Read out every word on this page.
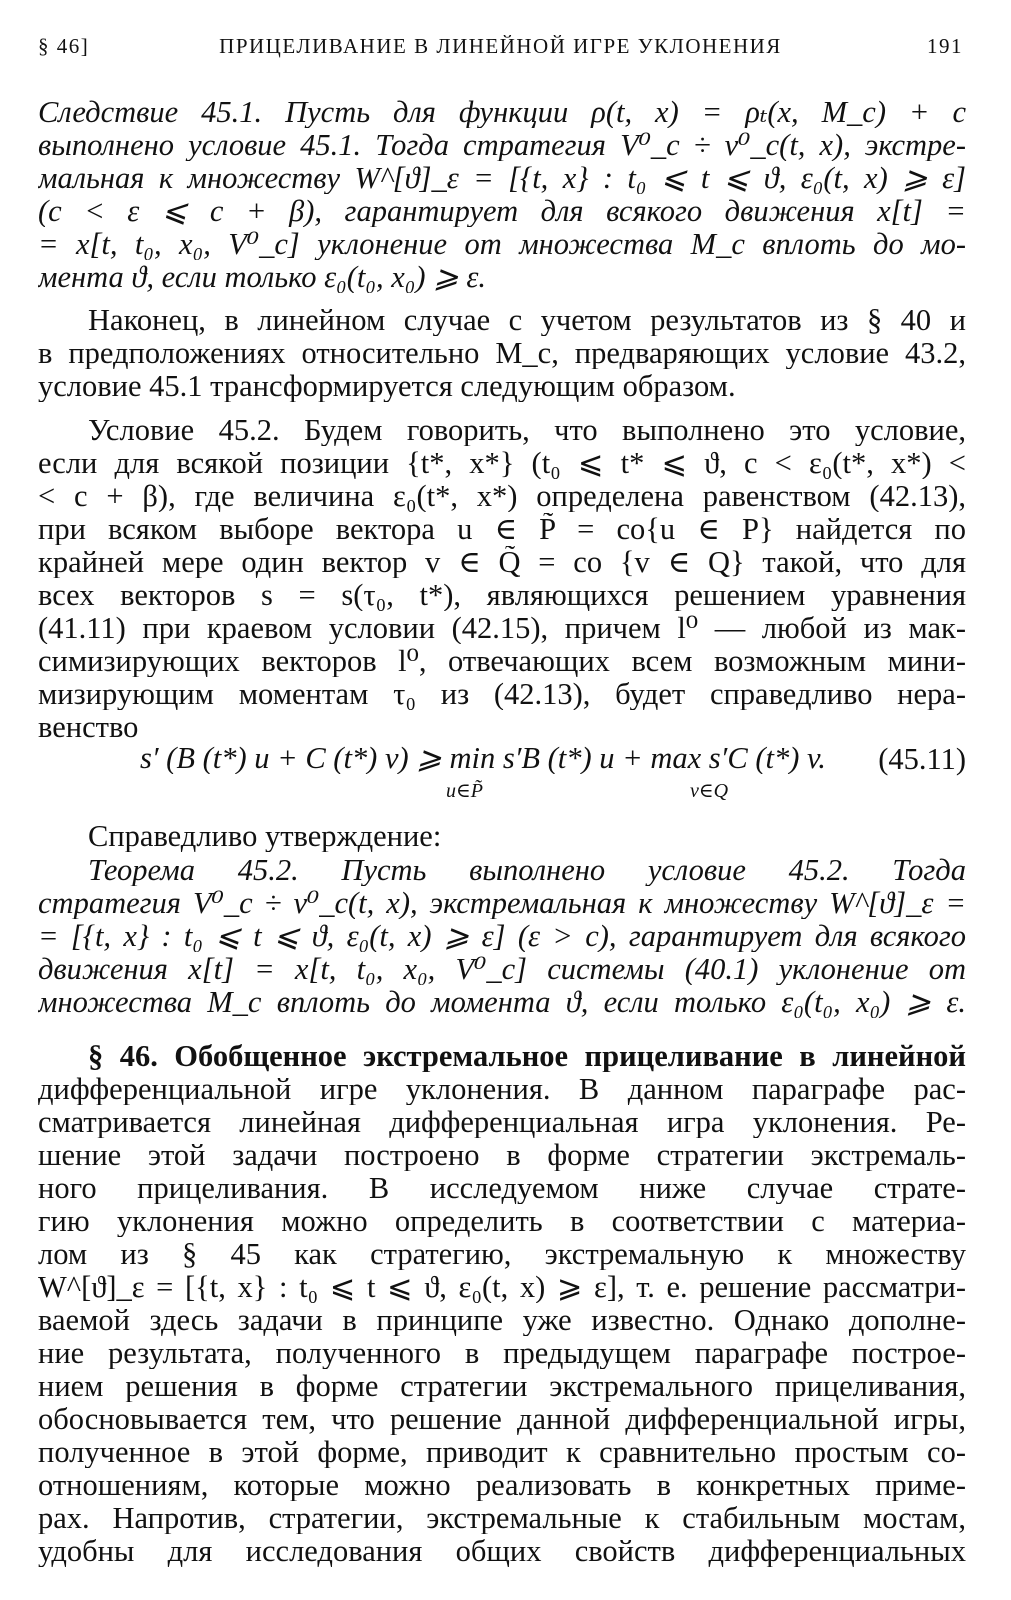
§ 46]	ПРИЦЕЛИВАНИЕ В ЛИНЕЙНОЙ ИГРЕ УКЛОНЕНИЯ	191
Следствие 45.1. Пусть для функции ρ(t, x) = ρₜ(x, M_c) + c
выполнено условие 45.1. Тогда стратегия V⁰_c ÷ v⁰_c(t, x), экстре-
мальная к множеству W^[ϑ]_ε = [{t, x} : t₀ ⩽ t ⩽ ϑ, ε₀(t, x) ⩾ ε]
(c < ε ⩽ c + β), гарантирует для всякого движения x[t] =
= x[t, t₀, x₀, V⁰_c] уклонение от множества M_c вплоть до мо-
мента ϑ, если только ε₀(t₀, x₀) ⩾ ε.
Наконец, в линейном случае с учетом результатов из § 40 и
в предположениях относительно M_c, предваряющих условие 43.2,
условие 45.1 трансформируется следующим образом.
Условие 45.2. Будем говорить, что выполнено это условие,
если для всякой позиции {t*, x*} (t₀ ⩽ t* ⩽ ϑ, c < ε₀(t*, x*) <
< c + β), где величина ε₀(t*, x*) определена равенством (42.13),
при всяком выборе вектора u ∈ P̃ = co{u ∈ P} найдется по
крайней мере один вектор v ∈ Q̃ = co {v ∈ Q} такой, что для
всех векторов s = s(τ₀, t*), являющихся решением уравнения
(41.11) при краевом условии (42.15), причем l⁰ — любой из мак-
симизирующих векторов l⁰, отвечающих всем возможным мини-
мизирующим моментам τ₀ из (42.13), будет справедливо нера-
венство
s′ (B (t*) u + C (t*) v) ⩾ min s′B (t*) u + max s′C (t*) v.
u∈P̃	v∈Q
(45.11)
Справедливо утверждение:
Теорема 45.2. Пусть выполнено условие 45.2. Тогда
стратегия V⁰_c ÷ v⁰_c(t, x), экстремальная к множеству W^[ϑ]_ε =
= [{t, x} : t₀ ⩽ t ⩽ ϑ, ε₀(t, x) ⩾ ε] (ε > c), гарантирует для всякого
движения x[t] = x[t, t₀, x₀, V⁰_c] системы (40.1) уклонение от
множества M_c вплоть до момента ϑ, если только ε₀(t₀, x₀) ⩾ ε.
§ 46. Обобщенное экстремальное прицеливание в линейной
дифференциальной игре уклонения. В данном параграфе рас-
сматривается линейная дифференциальная игра уклонения. Ре-
шение этой задачи построено в форме стратегии экстремаль-
ного прицеливания. В исследуемом ниже случае страте-
гию уклонения можно определить в соответствии с материа-
лом из § 45 как стратегию, экстремальную к множеству
W^[ϑ]_ε = [{t, x} : t₀ ⩽ t ⩽ ϑ, ε₀(t, x) ⩾ ε], т. е. решение рассматри-
ваемой здесь задачи в принципе уже известно. Однако дополне-
ние результата, полученного в предыдущем параграфе построе-
нием решения в форме стратегии экстремального прицеливания,
обосновывается тем, что решение данной дифференциальной игры,
полученное в этой форме, приводит к сравнительно простым со-
отношениям, которые можно реализовать в конкретных приме-
рах. Напротив, стратегии, экстремальные к стабильным мостам,
удобны для исследования общих свойств дифференциальных
